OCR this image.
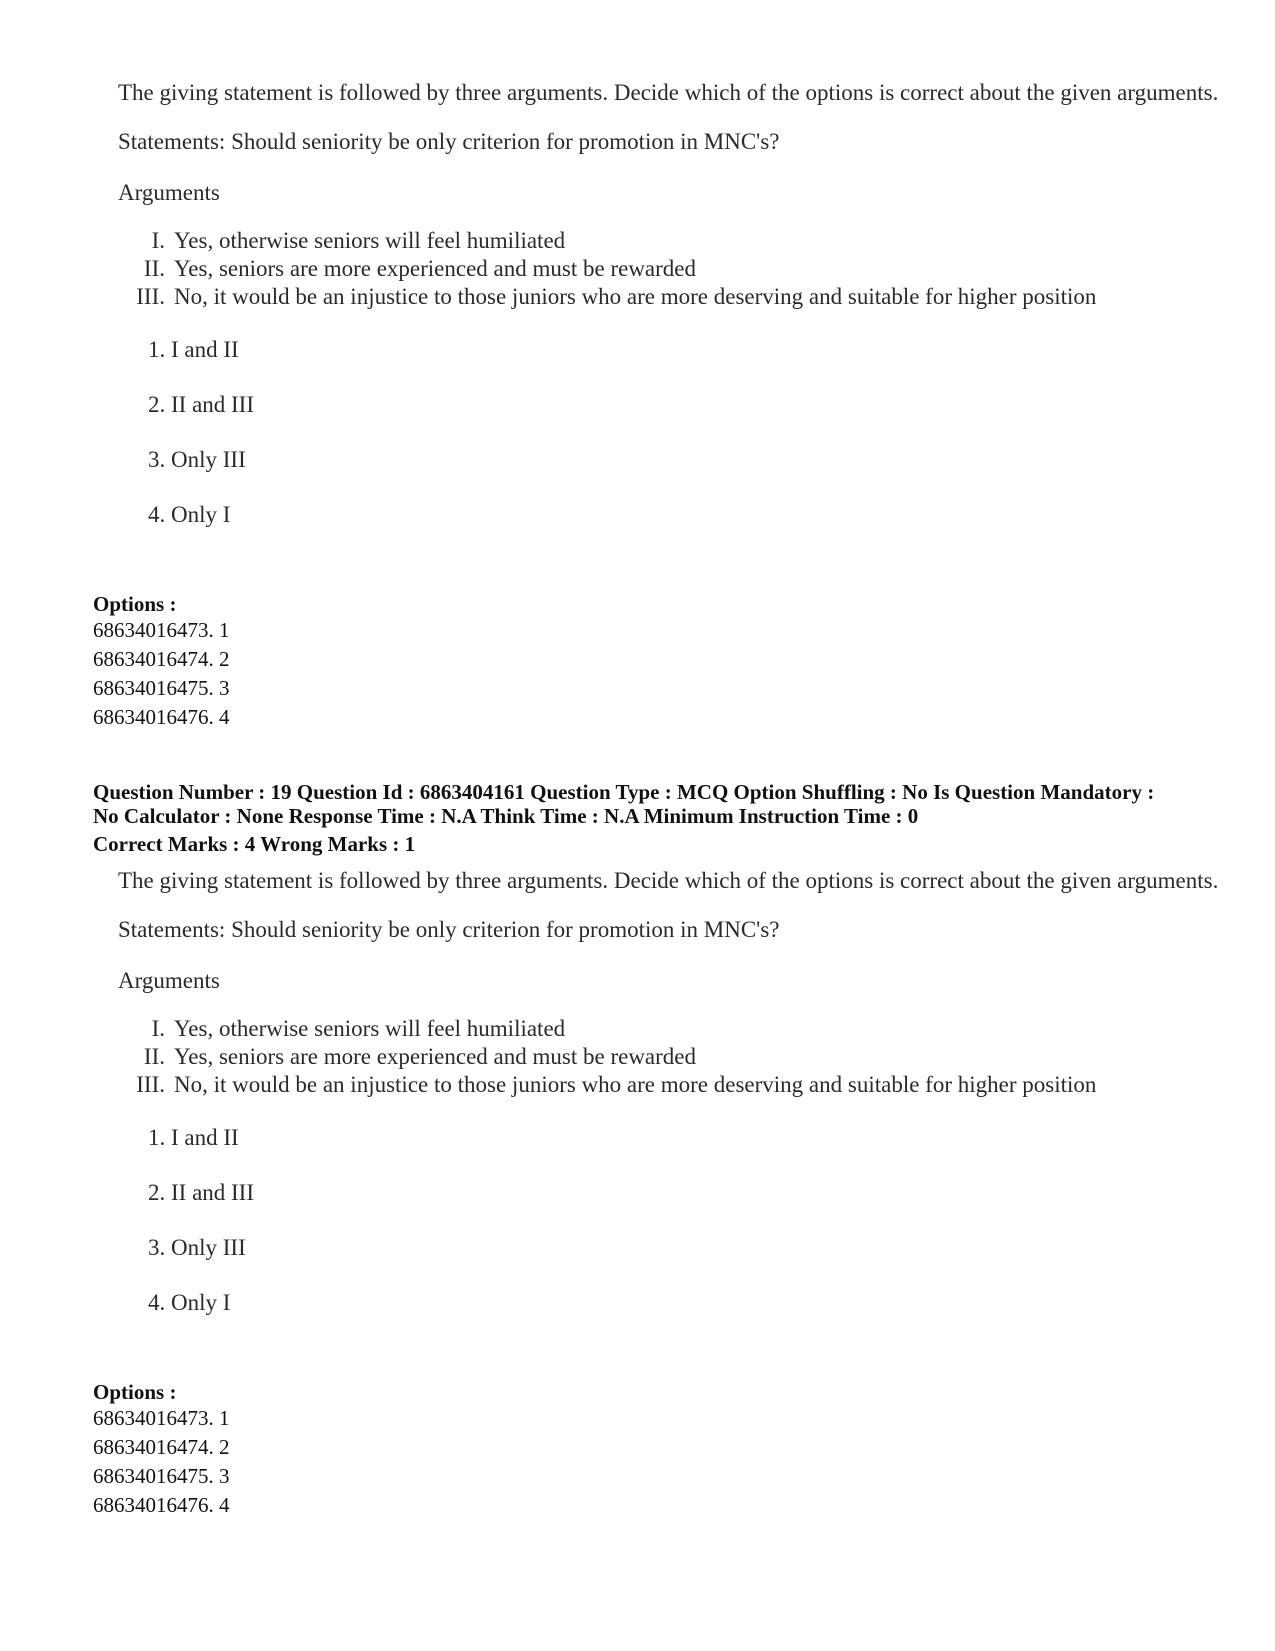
The giving statement is followed by three arguments. Decide which of the options is correct about the given arguments.
Statements: Should seniority be only criterion for promotion in MNC's?
Arguments
I. Yes, otherwise seniors will feel humiliated
II. Yes, seniors are more experienced and must be rewarded
III. No, it would be an injustice to those juniors who are more deserving and suitable for higher position
1. I and II
2. II and III
3. Only III
4. Only I
Options :
68634016473. 1
68634016474. 2
68634016475. 3
68634016476. 4
Question Number : 19 Question Id : 6863404161 Question Type : MCQ Option Shuffling : No Is Question Mandatory :
No Calculator : None Response Time : N.A Think Time : N.A Minimum Instruction Time : 0
Correct Marks : 4 Wrong Marks : 1
The giving statement is followed by three arguments. Decide which of the options is correct about the given arguments.
Statements: Should seniority be only criterion for promotion in MNC's?
Arguments
I. Yes, otherwise seniors will feel humiliated
II. Yes, seniors are more experienced and must be rewarded
III. No, it would be an injustice to those juniors who are more deserving and suitable for higher position
1. I and II
2. II and III
3. Only III
4. Only I
Options :
68634016473. 1
68634016474. 2
68634016475. 3
68634016476. 4
